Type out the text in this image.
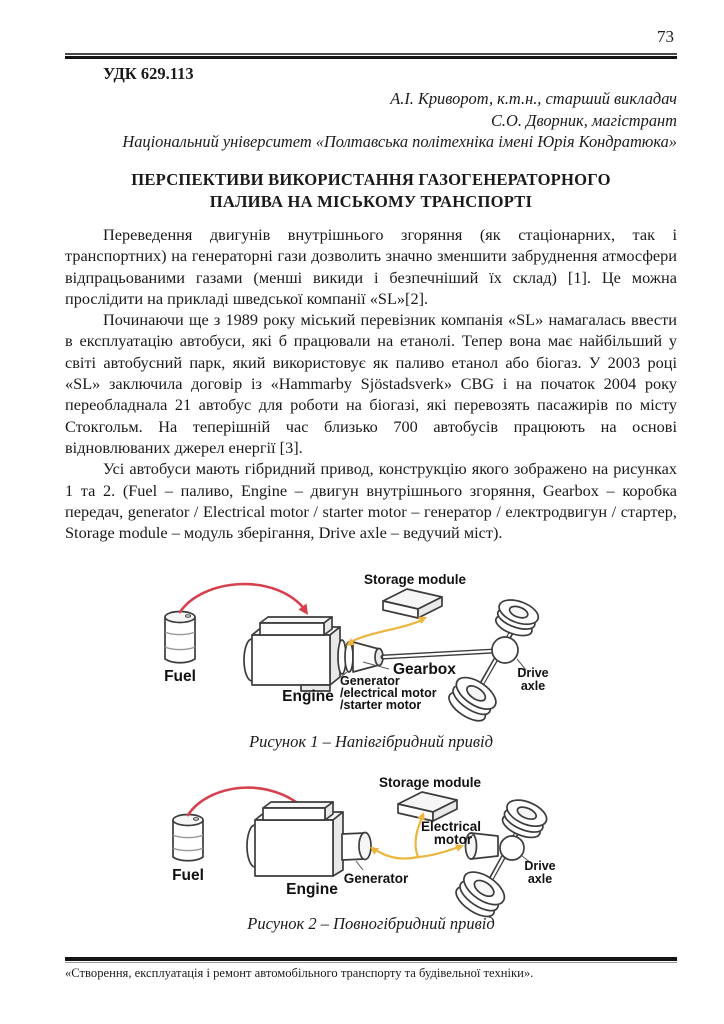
73
УДК 629.113
А.І. Криворот, к.т.н., старший викладач
С.О. Дворник, магістрант
Національний університет «Полтавська політехніка імені Юрія Кондратюка»
ПЕРСПЕКТИВИ ВИКОРИСТАННЯ ГАЗОГЕНЕРАТОРНОГО
ПАЛИВА НА МІСЬКОМУ ТРАНСПОРТІ

Переведення двигунів внутрішнього згоряння (як стаціонарних, так і транспортних) на генераторні гази дозволить значно зменшити забруднення атмосфери відпрацьованими газами (менші викиди і безпечніший їх склад) [1]. Це можна прослідити на прикладі шведської компанії «SL»[2].

Починаючи ще з 1989 року міський перевізник компанія «SL» намагалась ввести в експлуатацію автобуси, які б працювали на етанолі. Тепер вона має найбільший у світі автобусний парк, який використовує як паливо етанол або біогаз. У 2003 році «SL» заключила договір із «Hammarby Sjöstadsverk» CBG і на початок 2004 року переобладнала 21 автобус для роботи на біогазі, які перевозять пасажирів по місту Стокгольм. На теперішній час близько 700 автобусів працюють на основі відновлюваних джерел енергії [3].

Усі автобуси мають гібридний привод, конструкцію якого зображено на рисунках 1 та 2. (Fuel – паливо, Engine – двигун внутрішнього згоряння, Gearbox – коробка передач, generator / Electrical motor / starter motor – генератор / електродвигун / стартер, Storage module – модуль зберігання, Drive axle – ведучий міст).

Storage module
Fuel
Engine
Gearbox
Generator
/electrical motor
/starter motor
Drive
axle
Рисунок 1 – Напівгібридний привід
Storage module
Electrical
motor
Generator
Engine
Fuel
Drive
axle
Рисунок 2 – Повногібридний привід
«Створення, експлуатація і ремонт автомобільного транспорту та будівельної техніки».
